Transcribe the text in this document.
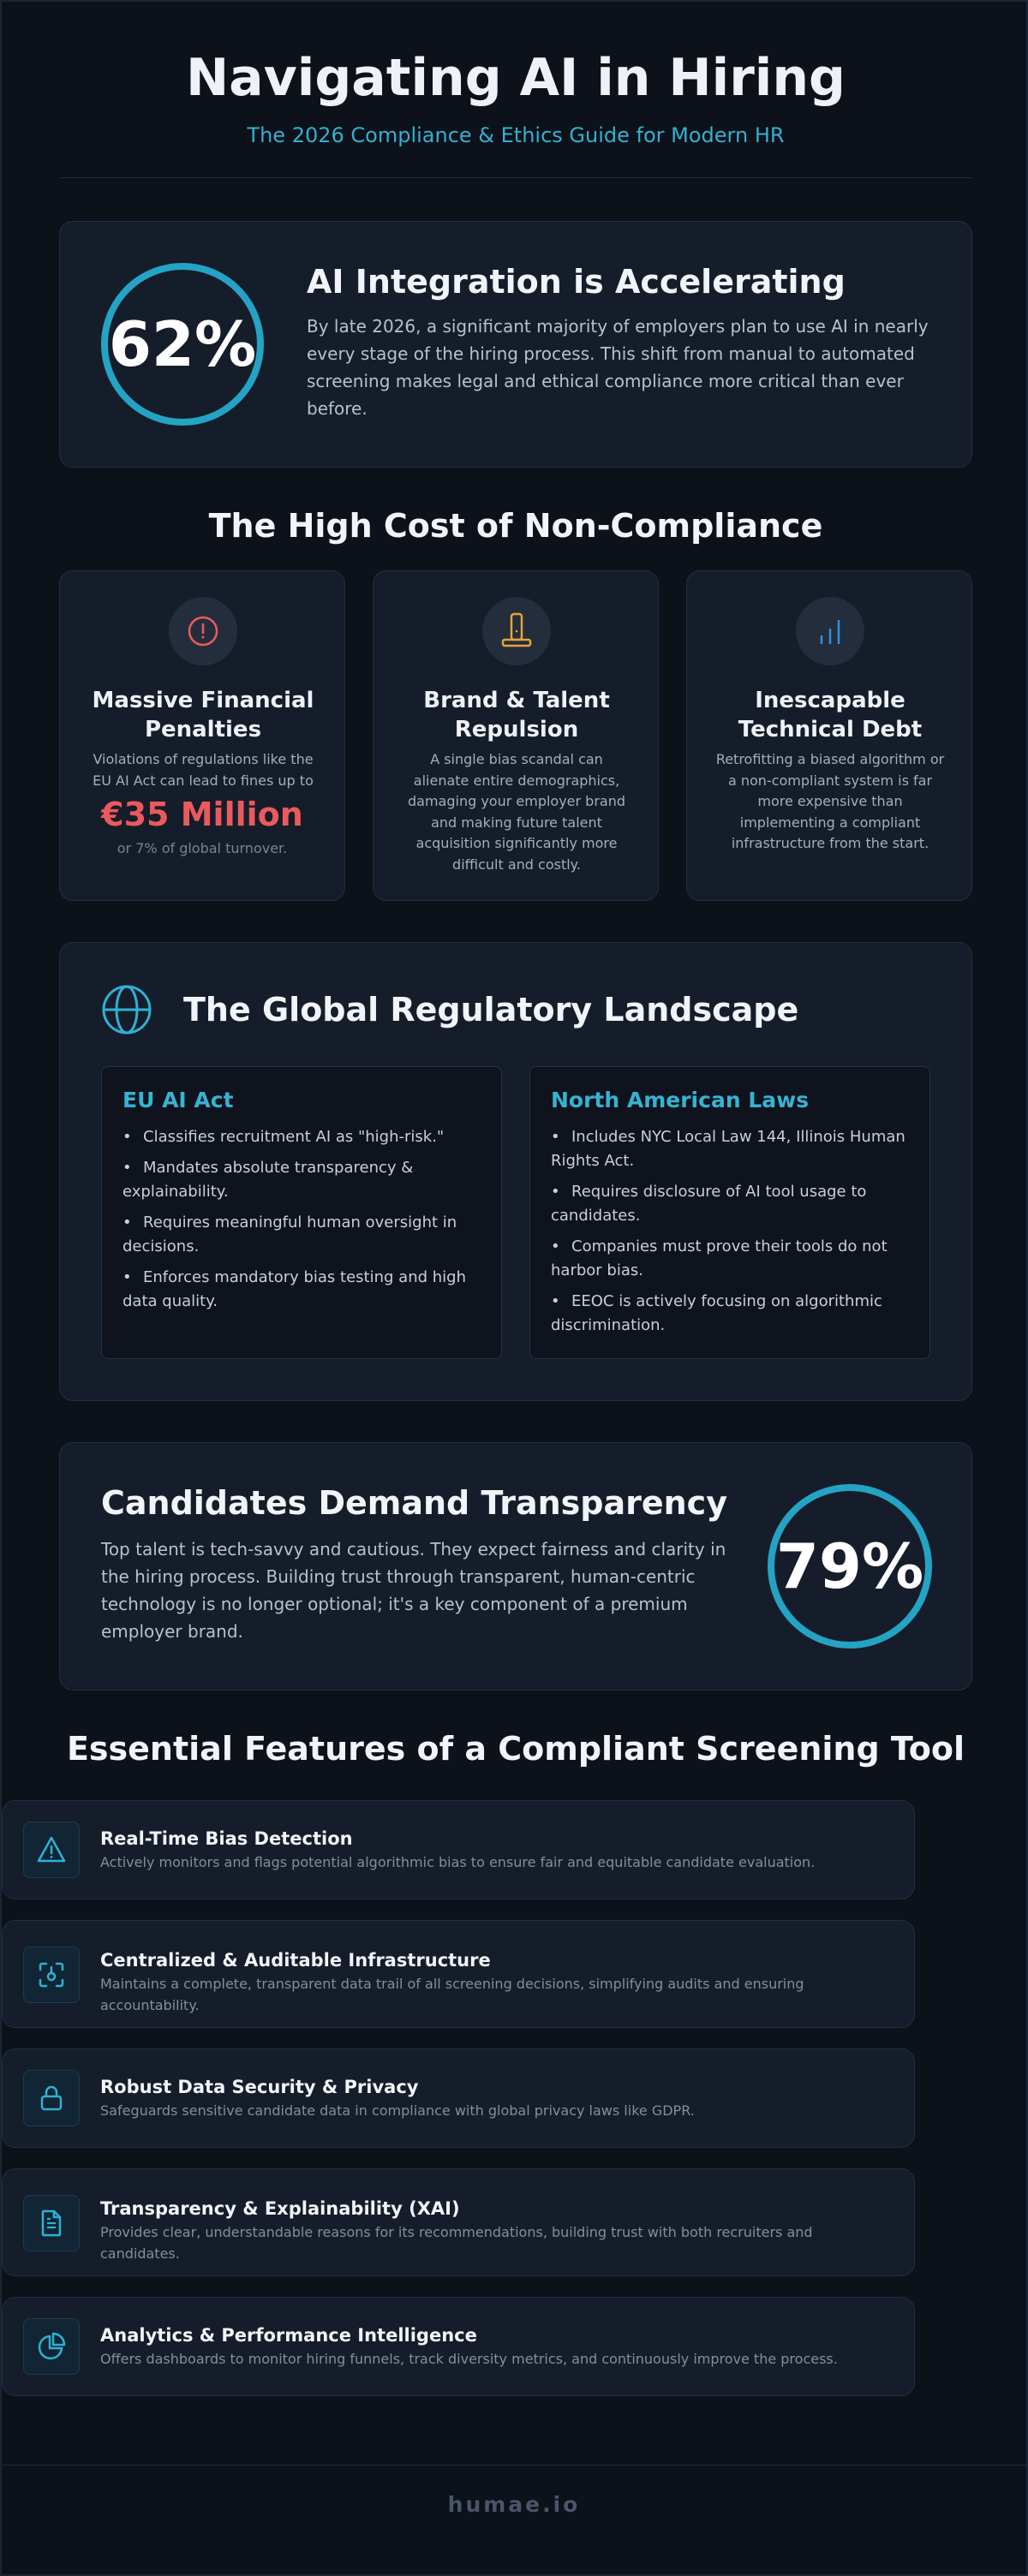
Navigating AI in Hiring
The 2026 Compliance & Ethics Guide for Modern HR
62%
AI Integration is Accelerating
By late 2026, a significant majority of employers plan to use AI in nearly
every stage of the hiring process. This shift from manual to automated
screening makes legal and ethical compliance more critical than ever
before.
The High Cost of Non-Compliance
Massive Financial
Penalties
Violations of regulations like the
EU AI Act can lead to fines up to
€35 Million
or 7% of global turnover.
Brand & Talent
Repulsion
A single bias scandal can
alienate entire demographics,
damaging your employer brand
and making future talent
acquisition significantly more
difficult and costly.
Inescapable
Technical Debt
Retrofitting a biased algorithm or
a non-compliant system is far
more expensive than
implementing a compliant
infrastructure from the start.
The Global Regulatory Landscape
EU AI Act
• Classifies recruitment AI as "high-risk."
• Mandates absolute transparency &
explainability.
• Requires meaningful human oversight in
decisions.
• Enforces mandatory bias testing and high
data quality.
North American Laws
• Includes NYC Local Law 144, Illinois Human
Rights Act.
• Requires disclosure of AI tool usage to
candidates.
• Companies must prove their tools do not
harbor bias.
• EEOC is actively focusing on algorithmic
discrimination.
Candidates Demand Transparency
Top talent is tech-savvy and cautious. They expect fairness and clarity in
the hiring process. Building trust through transparent, human-centric
technology is no longer optional; it's a key component of a premium
employer brand.
79%
Essential Features of a Compliant Screening Tool
Real-Time Bias Detection
Actively monitors and flags potential algorithmic bias to ensure fair and equitable candidate evaluation.
Centralized & Auditable Infrastructure
Maintains a complete, transparent data trail of all screening decisions, simplifying audits and ensuring
accountability.
Robust Data Security & Privacy
Safeguards sensitive candidate data in compliance with global privacy laws like GDPR.
Transparency & Explainability (XAI)
Provides clear, understandable reasons for its recommendations, building trust with both recruiters and
candidates.
Analytics & Performance Intelligence
Offers dashboards to monitor hiring funnels, track diversity metrics, and continuously improve the process.
humae.io
